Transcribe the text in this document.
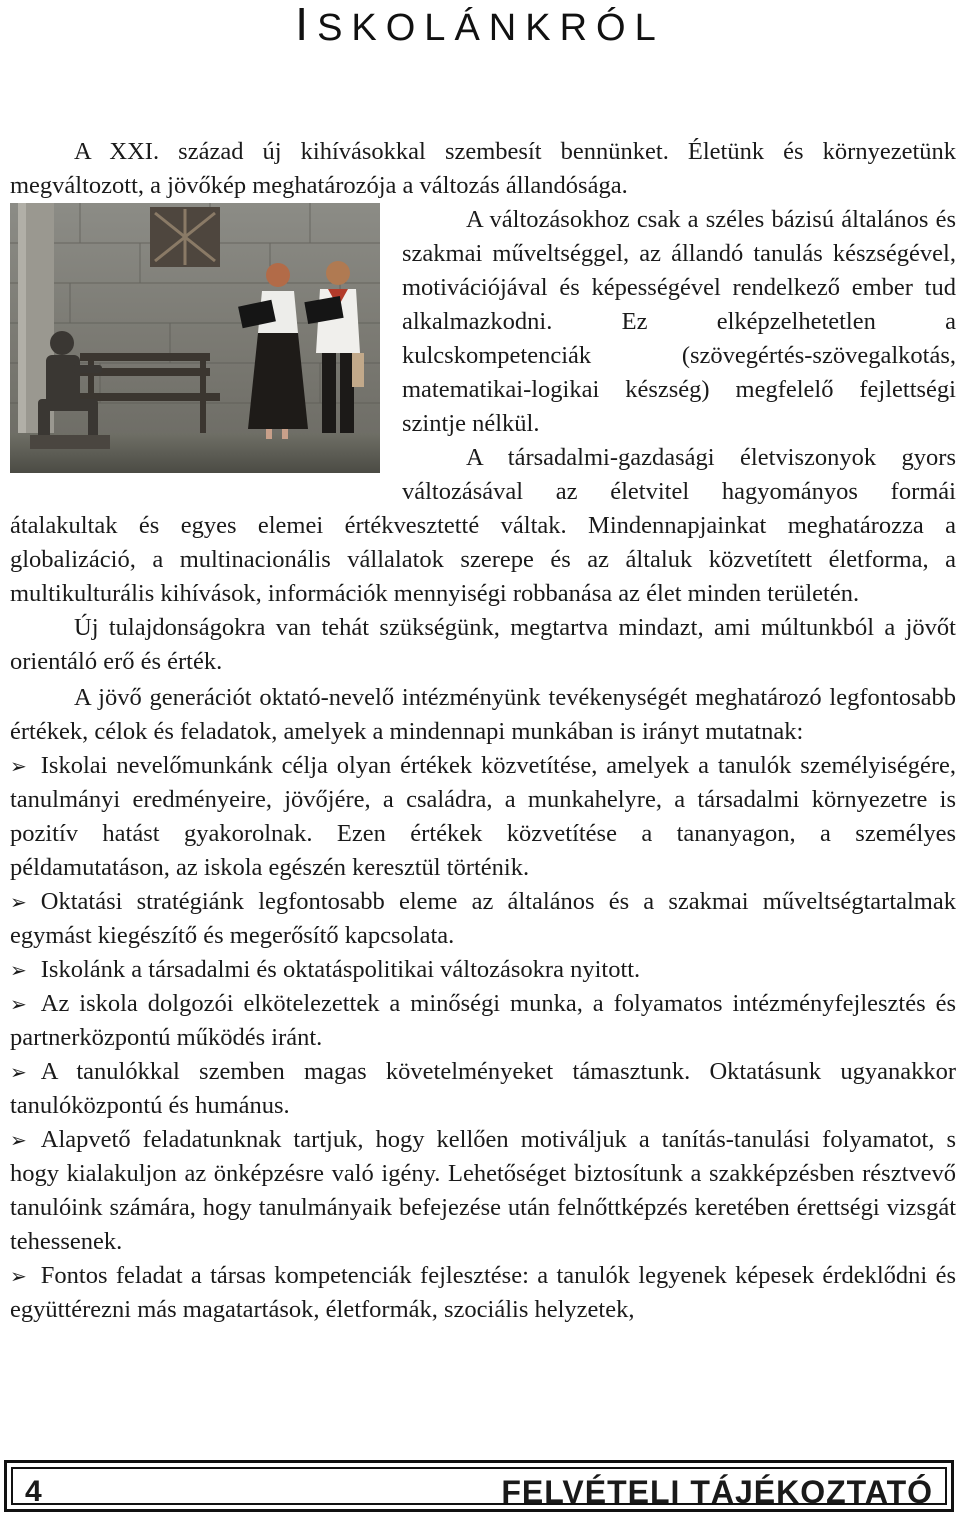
ISKOLÁNKRÓL

A XXI. század új kihívásokkal szembesít bennünket. Életünk és környezetünk megváltozott, a jövőkép meghatározója a változás állandósága.

A változásokhoz csak a széles bázisú általános és szakmai műveltséggel, az állandó tanulás készségével, motivációjával és képességével rendelkező ember tud alkalmazkodni. Ez elképzelhetetlen a kulcskompetenciák (szövegértés-szövegalkotás, matematikai-logikai készség) megfelelő fejlettségi szintje nélkül.

A társadalmi-gazdasági életviszonyok gyors változásával az életvitel hagyományos formái átalakultak és egyes elemei értékvesztetté váltak. Mindennapjainkat meghatározza a globalizáció, a multinacionális vállalatok szerepe és az általuk közvetített életforma, a multikulturális kihívások, információk mennyiségi robbanása az élet minden területén.

Új tulajdonságokra van tehát szükségünk, megtartva mindazt, ami múltunkból a jövőt orientáló erő és érték.

A jövő generációt oktató-nevelő intézményünk tevékenységét meghatározó legfontosabb értékek, célok és feladatok, amelyek a mindennapi munkában is irányt mutatnak:

➢ Iskolai nevelőmunkánk célja olyan értékek közvetítése, amelyek a tanulók személyiségére, tanulmányi eredményeire, jövőjére, a családra, a munkahelyre, a társadalmi környezetre is pozitív hatást gyakorolnak. Ezen értékek közvetítése a tananyagon, a személyes példamutatáson, az iskola egészén keresztül történik.

➢ Oktatási stratégiánk legfontosabb eleme az általános és a szakmai műveltségtartalmak egymást kiegészítő és megerősítő kapcsolata.

➢ Iskolánk a társadalmi és oktatáspolitikai változásokra nyitott.

➢ Az iskola dolgozói elkötelezettek a minőségi munka, a folyamatos intézményfejlesztés és partnerközpontú működés iránt.

➢ A tanulókkal szemben magas követelményeket támasztunk. Oktatásunk ugyanakkor tanulóközpontú és humánus.

➢ Alapvető feladatunknak tartjuk, hogy kellően motiváljuk a tanítás-tanulási folyamatot, s hogy kialakuljon az önképzésre való igény. Lehetőséget biztosítunk a szakképzésben résztvevő tanulóink számára, hogy tanulmányaik befejezése után felnőttképzés keretében érettségi vizsgát tehessenek.

➢ Fontos feladat a társas kompetenciák fejlesztése: a tanulók legyenek képesek érdeklődni és együttérezni más magatartások, életformák, szociális helyzetek,

4	FELVÉTELI TÁJÉKOZTATÓ
